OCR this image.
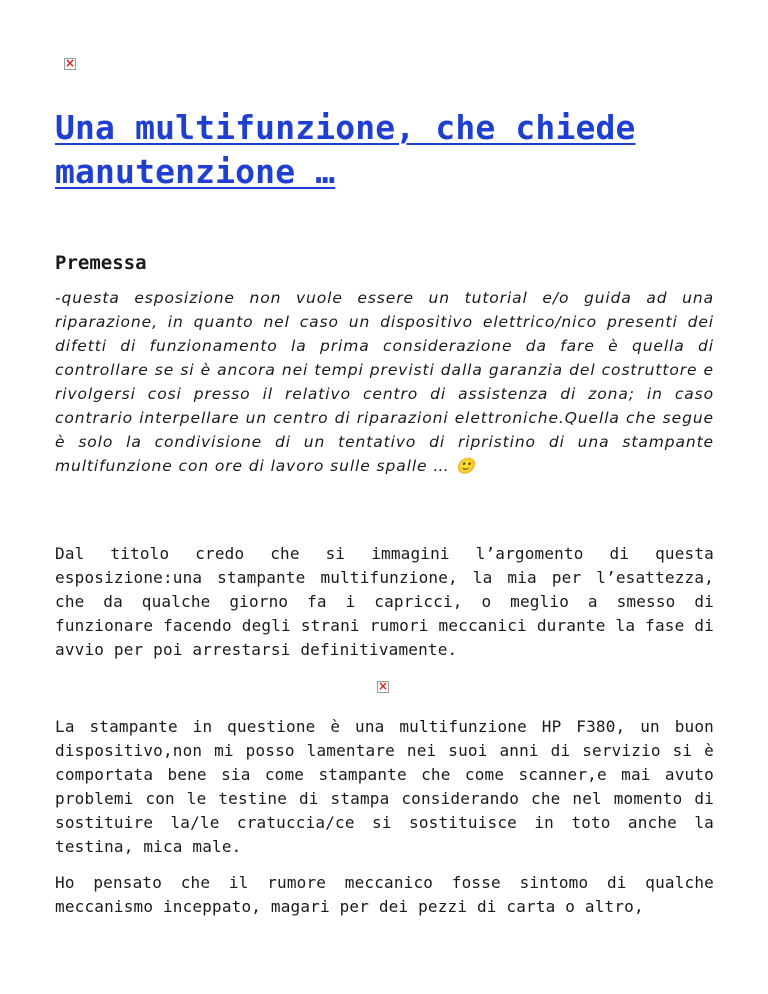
×
Una multifunzione, che chiede manutenzione …
Premessa

-questa esposizione non vuole essere un tutorial e/o guida ad una riparazione, in quanto nel caso un dispositivo elettrico/nico presenti dei difetti di funzionamento la prima considerazione da fare è quella di controllare se si è ancora nei tempi previsti dalla garanzia del costruttore e rivolgersi cosi presso il relativo centro di assistenza di zona; in caso contrario interpellare un centro di riparazioni elettroniche.Quella che segue è solo la condivisione di un tentativo di ripristino di una stampante multifunzione con ore di lavoro sulle spalle … 🙂

Dal titolo credo che si immagini l’argomento di questa esposizione:una stampante multifunzione, la mia per l’esattezza, che da qualche giorno fa i capricci, o meglio a smesso di funzionare facendo degli strani rumori meccanici durante la fase di avvio per poi arrestarsi definitivamente.

×

La stampante in questione è una multifunzione HP F380, un buon dispositivo,non mi posso lamentare nei suoi anni di servizio si è comportata bene sia come stampante che come scanner,e mai avuto problemi con le testine di stampa considerando che nel momento di sostituire la/le cratuccia/ce si sostituisce in toto anche la testina, mica male.

Ho pensato che il rumore meccanico fosse sintomo di qualche meccanismo inceppato, magari per dei pezzi di carta o altro,
